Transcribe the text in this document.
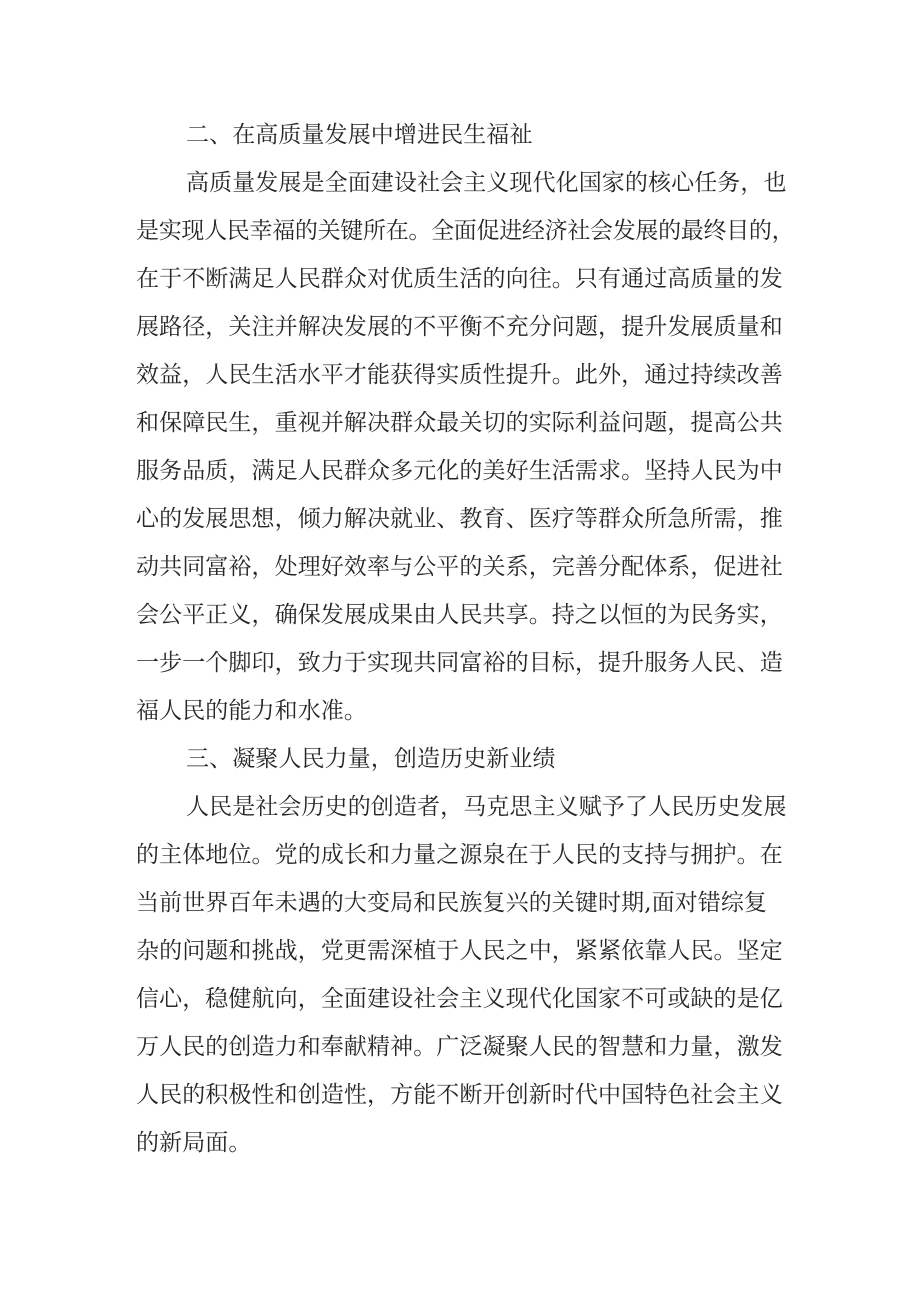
二、在高质量发展中增进民生福祉

高质量发展是全面建设社会主义现代化国家的核心任务，也

是实现人民幸福的关键所在。全面促进经济社会发展的最终目的，

在于不断满足人民群众对优质生活的向往。只有通过高质量的发

展路径，关注并解决发展的不平衡不充分问题，提升发展质量和

效益，人民生活水平才能获得实质性提升。此外，通过持续改善

和保障民生，重视并解决群众最关切的实际利益问题，提高公共

服务品质，满足人民群众多元化的美好生活需求。坚持人民为中

心的发展思想，倾力解决就业、教育、医疗等群众所急所需，推

动共同富裕，处理好效率与公平的关系，完善分配体系，促进社

会公平正义，确保发展成果由人民共享。持之以恒的为民务实，

一步一个脚印，致力于实现共同富裕的目标，提升服务人民、造

福人民的能力和水准。

三、凝聚人民力量，创造历史新业绩

人民是社会历史的创造者，马克思主义赋予了人民历史发展

的主体地位。党的成长和力量之源泉在于人民的支持与拥护。在

当前世界百年未遇的大变局和民族复兴的关键时期,面对错综复

杂的问题和挑战，党更需深植于人民之中，紧紧依靠人民。坚定

信心，稳健航向，全面建设社会主义现代化国家不可或缺的是亿

万人民的创造力和奉献精神。广泛凝聚人民的智慧和力量，激发

人民的积极性和创造性，方能不断开创新时代中国特色社会主义

的新局面。
